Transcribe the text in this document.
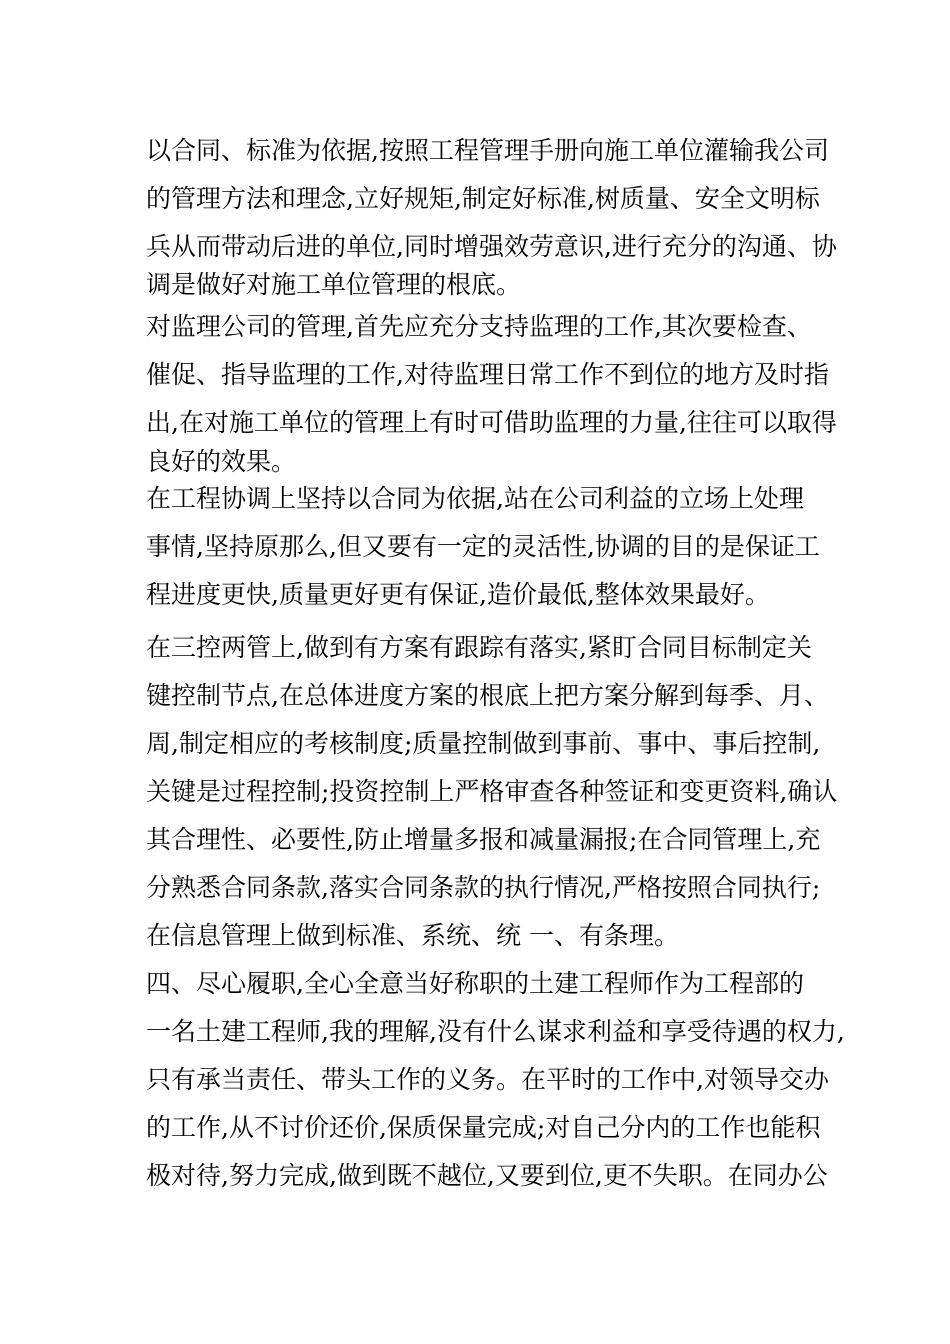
以合同、标准为依据,按照工程管理手册向施工单位灌输我公司

的管理方法和理念,立好规矩,制定好标准,树质量、安全文明标

兵从而带动后进的单位,同时增强效劳意识,进行充分的沟通、协

调是做好对施工单位管理的根底。

对监理公司的管理,首先应充分支持监理的工作,其次要检查、

催促、指导监理的工作,对待监理日常工作不到位的地方及时指

出,在对施工单位的管理上有时可借助监理的力量,往往可以取得

良好的效果。

在工程协调上坚持以合同为依据,站在公司利益的立场上处理

事情,坚持原那么,但又要有一定的灵活性,协调的目的是保证工

程进度更快,质量更好更有保证,造价最低,整体效果最好。

在三控两管上,做到有方案有跟踪有落实,紧盯合同目标制定关

键控制节点,在总体进度方案的根底上把方案分解到每季、月、

周,制定相应的考核制度;质量控制做到事前、事中、事后控制,

关键是过程控制;投资控制上严格审查各种签证和变更资料,确认

其合理性、必要性,防止增量多报和减量漏报;在合同管理上,充

分熟悉合同条款,落实合同条款的执行情况,严格按照合同执行;

在信息管理上做到标准、系统、统 一、有条理。

四、尽心履职,全心全意当好称职的土建工程师作为工程部的

一名土建工程师,我的理解,没有什么谋求利益和享受待遇的权力,

只有承当责任、带头工作的义务。在平时的工作中,对领导交办

的工作,从不讨价还价,保质保量完成;对自己分内的工作也能积

极对待,努力完成,做到既不越位,又要到位,更不失职。在同办公
